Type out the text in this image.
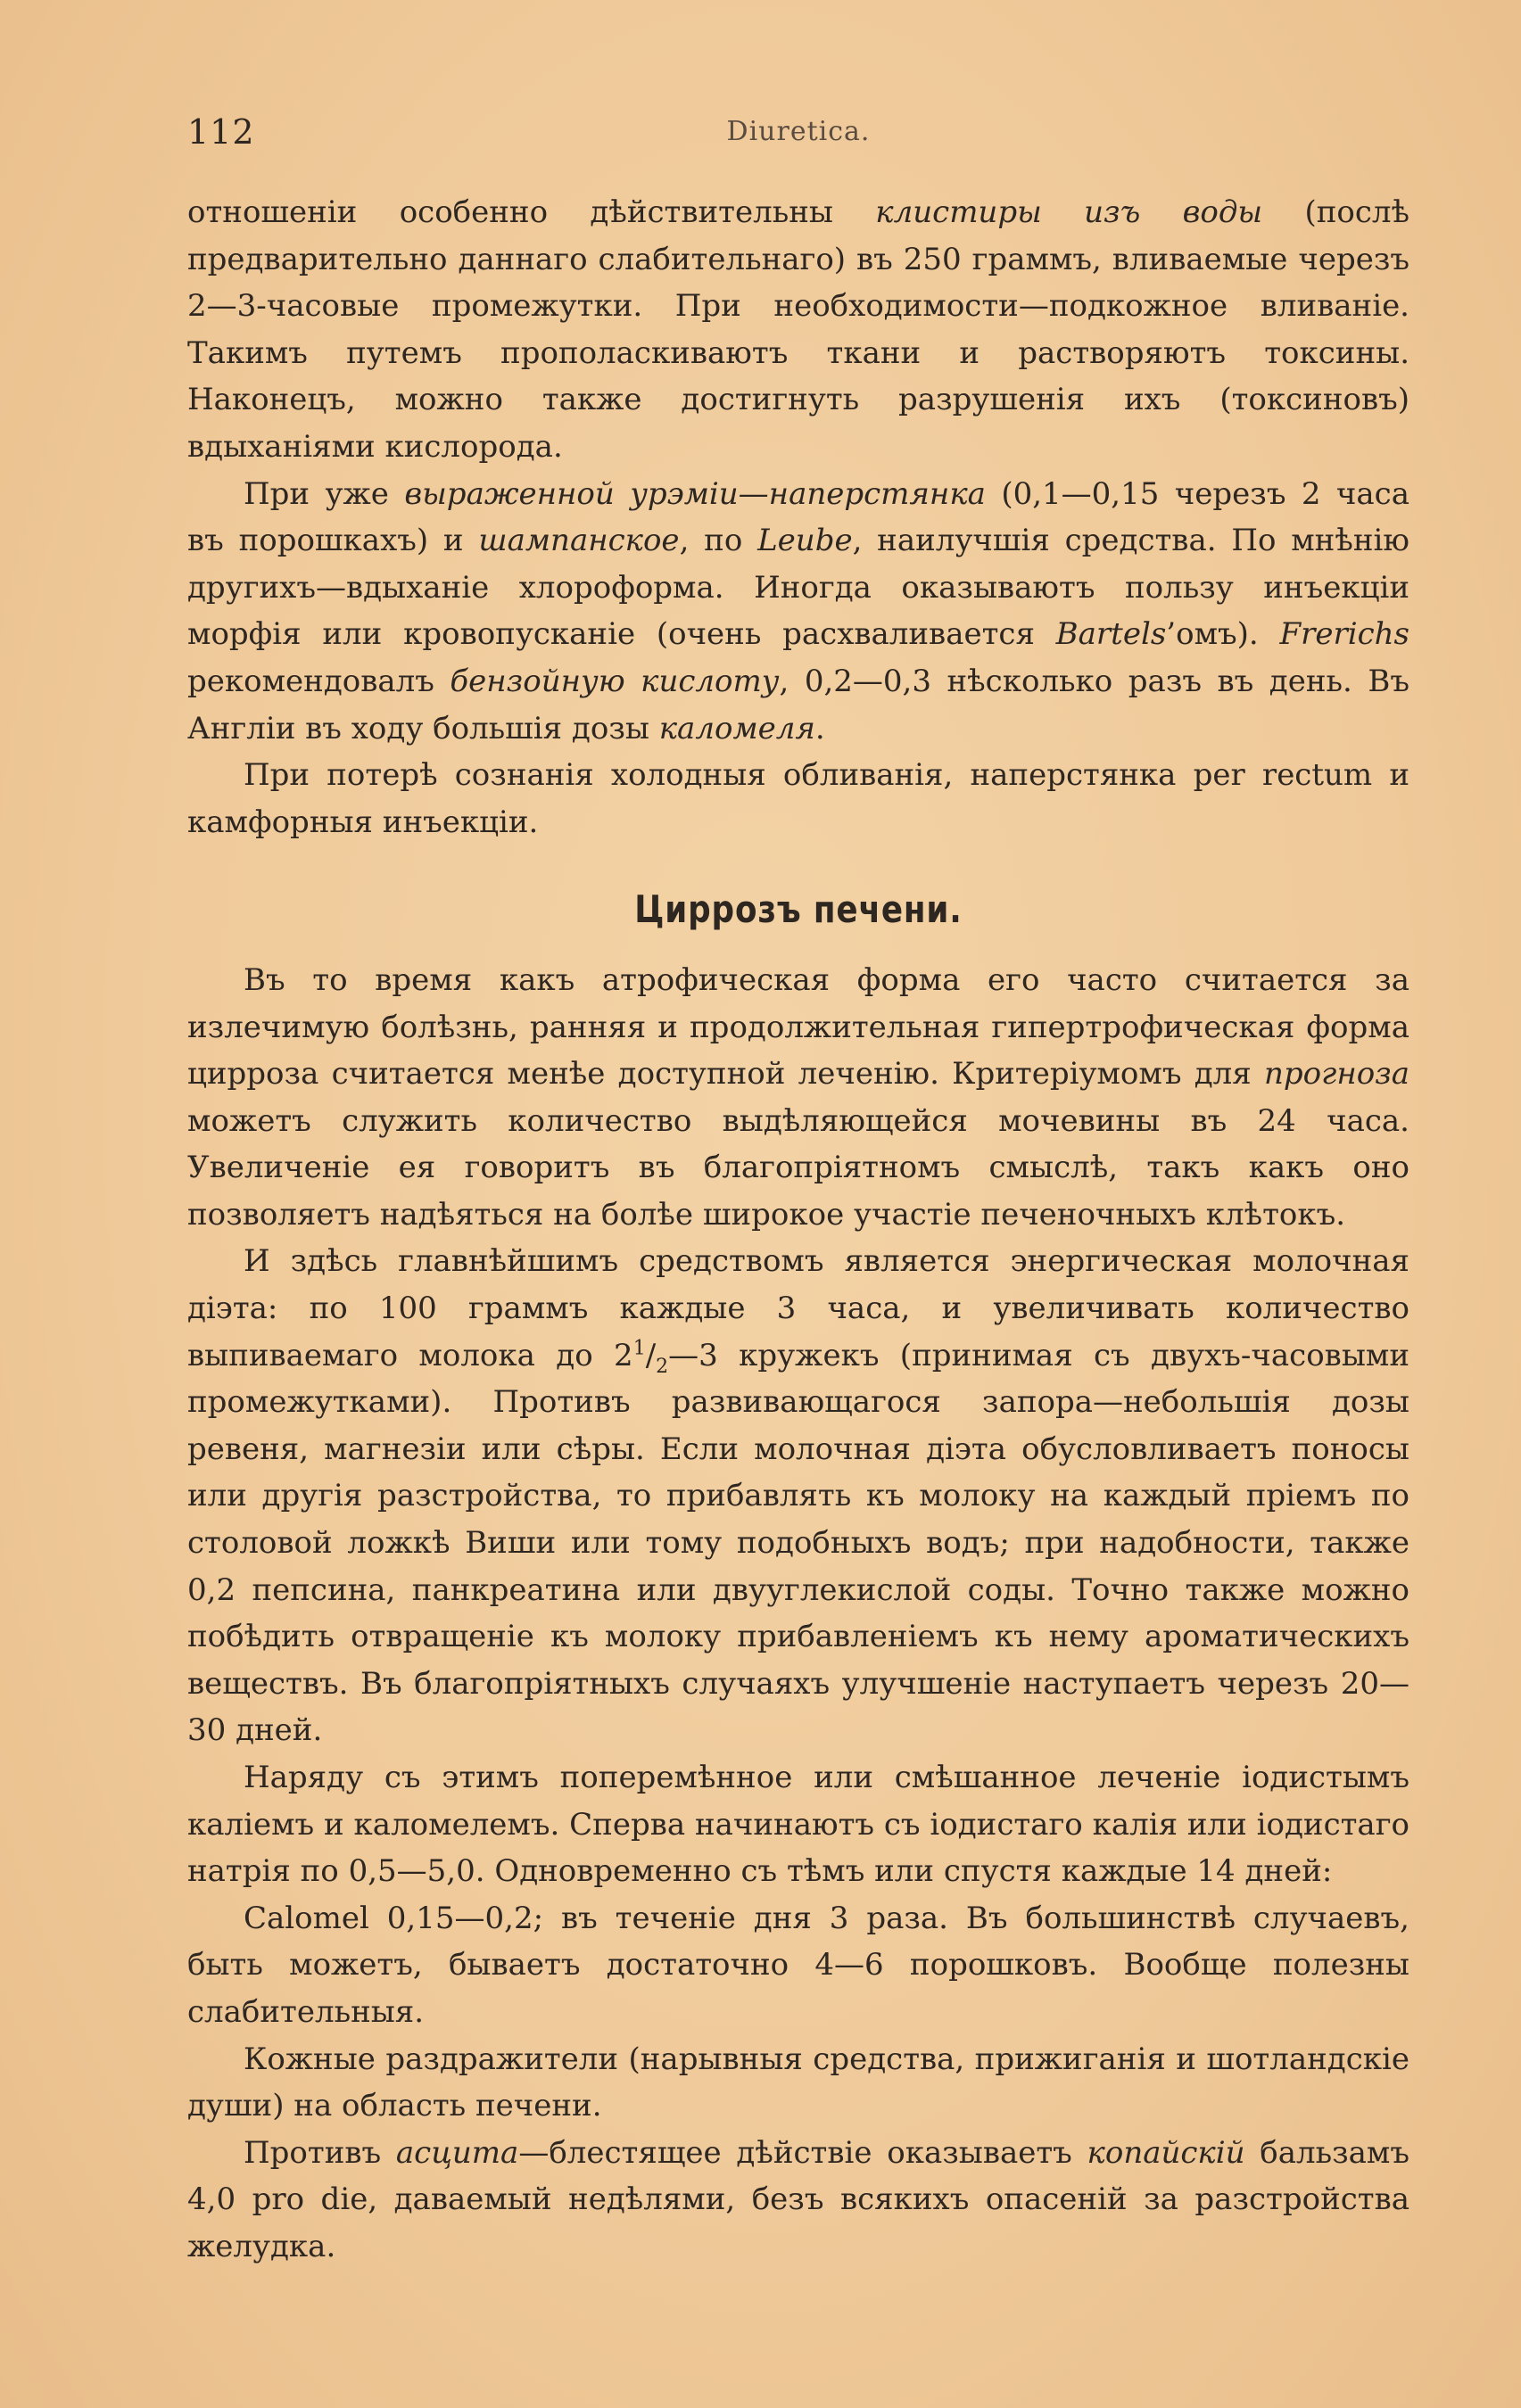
112	Diuretica.

отношеніи особенно дѣйствительны клистиры изъ воды (послѣ предварительно даннаго слабительнаго) въ 250 граммъ, вливаемые черезъ 2—3-часовые промежутки. При необходимости—подкожное вливаніе. Такимъ путемъ прополаскиваютъ ткани и растворяютъ токсины. Наконецъ, можно также достигнуть разрушенія ихъ (токсиновъ) вдыханіями кислорода.

При уже выраженной урэміи—наперстянка (0,1—0,15 черезъ 2 часа въ порошкахъ) и шампанское, по Leube, наилучшія средства. По мнѣнію другихъ—вдыханіе хлороформа. Иногда оказываютъ пользу инъекціи морфія или кровопусканіе (очень расхваливается Bartels’омъ). Frerichs рекомендовалъ бензойную кислоту, 0,2—0,3 нѣсколько разъ въ день. Въ Англіи въ ходу большія дозы каломеля.

При потерѣ сознанія холодныя обливанія, наперстянка per rectum и камфорныя инъекціи.

Циррозъ печени.

Въ то время какъ атрофическая форма его часто считается за излечимую болѣзнь, ранняя и продолжительная гипертрофическая форма цирроза считается менѣе доступной леченію. Критеріумомъ для прогноза можетъ служить количество выдѣляющейся мочевины въ 24 часа. Увеличеніе ея говоритъ въ благопріятномъ смыслѣ, такъ какъ оно позволяетъ надѣяться на болѣе широкое участіе печеночныхъ клѣтокъ.

И здѣсь главнѣйшимъ средствомъ является энергическая молочная діэта: по 100 граммъ каждые 3 часа, и увеличивать количество выпиваемаго молока до $2^1/_2—3$ кружекъ (принимая съ двухъ-часовыми промежутками). Противъ развивающагося запора—небольшія дозы ревеня, магнезіи или сѣры. Если молочная діэта обусловливаетъ поносы или другія разстройства, то прибавлять къ молоку на каждый пріемъ по столовой ложкѣ Виши или тому подобныхъ водъ; при надобности, также 0,2 пепсина, панкреатина или двууглекислой соды. Точно также можно побѣдить отвращеніе къ молоку прибавленіемъ къ нему ароматическихъ веществъ. Въ благопріятныхъ случаяхъ улучшеніе наступаетъ черезъ 20—30 дней.

Наряду съ этимъ поперемѣнное или смѣшанное леченіе іодистымъ каліемъ и каломелемъ. Сперва начинаютъ съ іодистаго калія или іодистаго натрія по 0,5—5,0. Одновременно съ тѣмъ или спустя каждые 14 дней:

Calomel 0,15—0,2; въ теченіе дня 3 раза. Въ большинствѣ случаевъ, быть можетъ, бываетъ достаточно 4—6 порошковъ. Вообще полезны слабительныя.

Кожные раздражители (нарывныя средства, прижиганія и шотландскіе души) на область печени.

Противъ асцита—блестящее дѣйствіе оказываетъ копайскій бальзамъ 4,0 pro die, даваемый недѣлями, безъ всякихъ опасеній за разстройства желудка.
